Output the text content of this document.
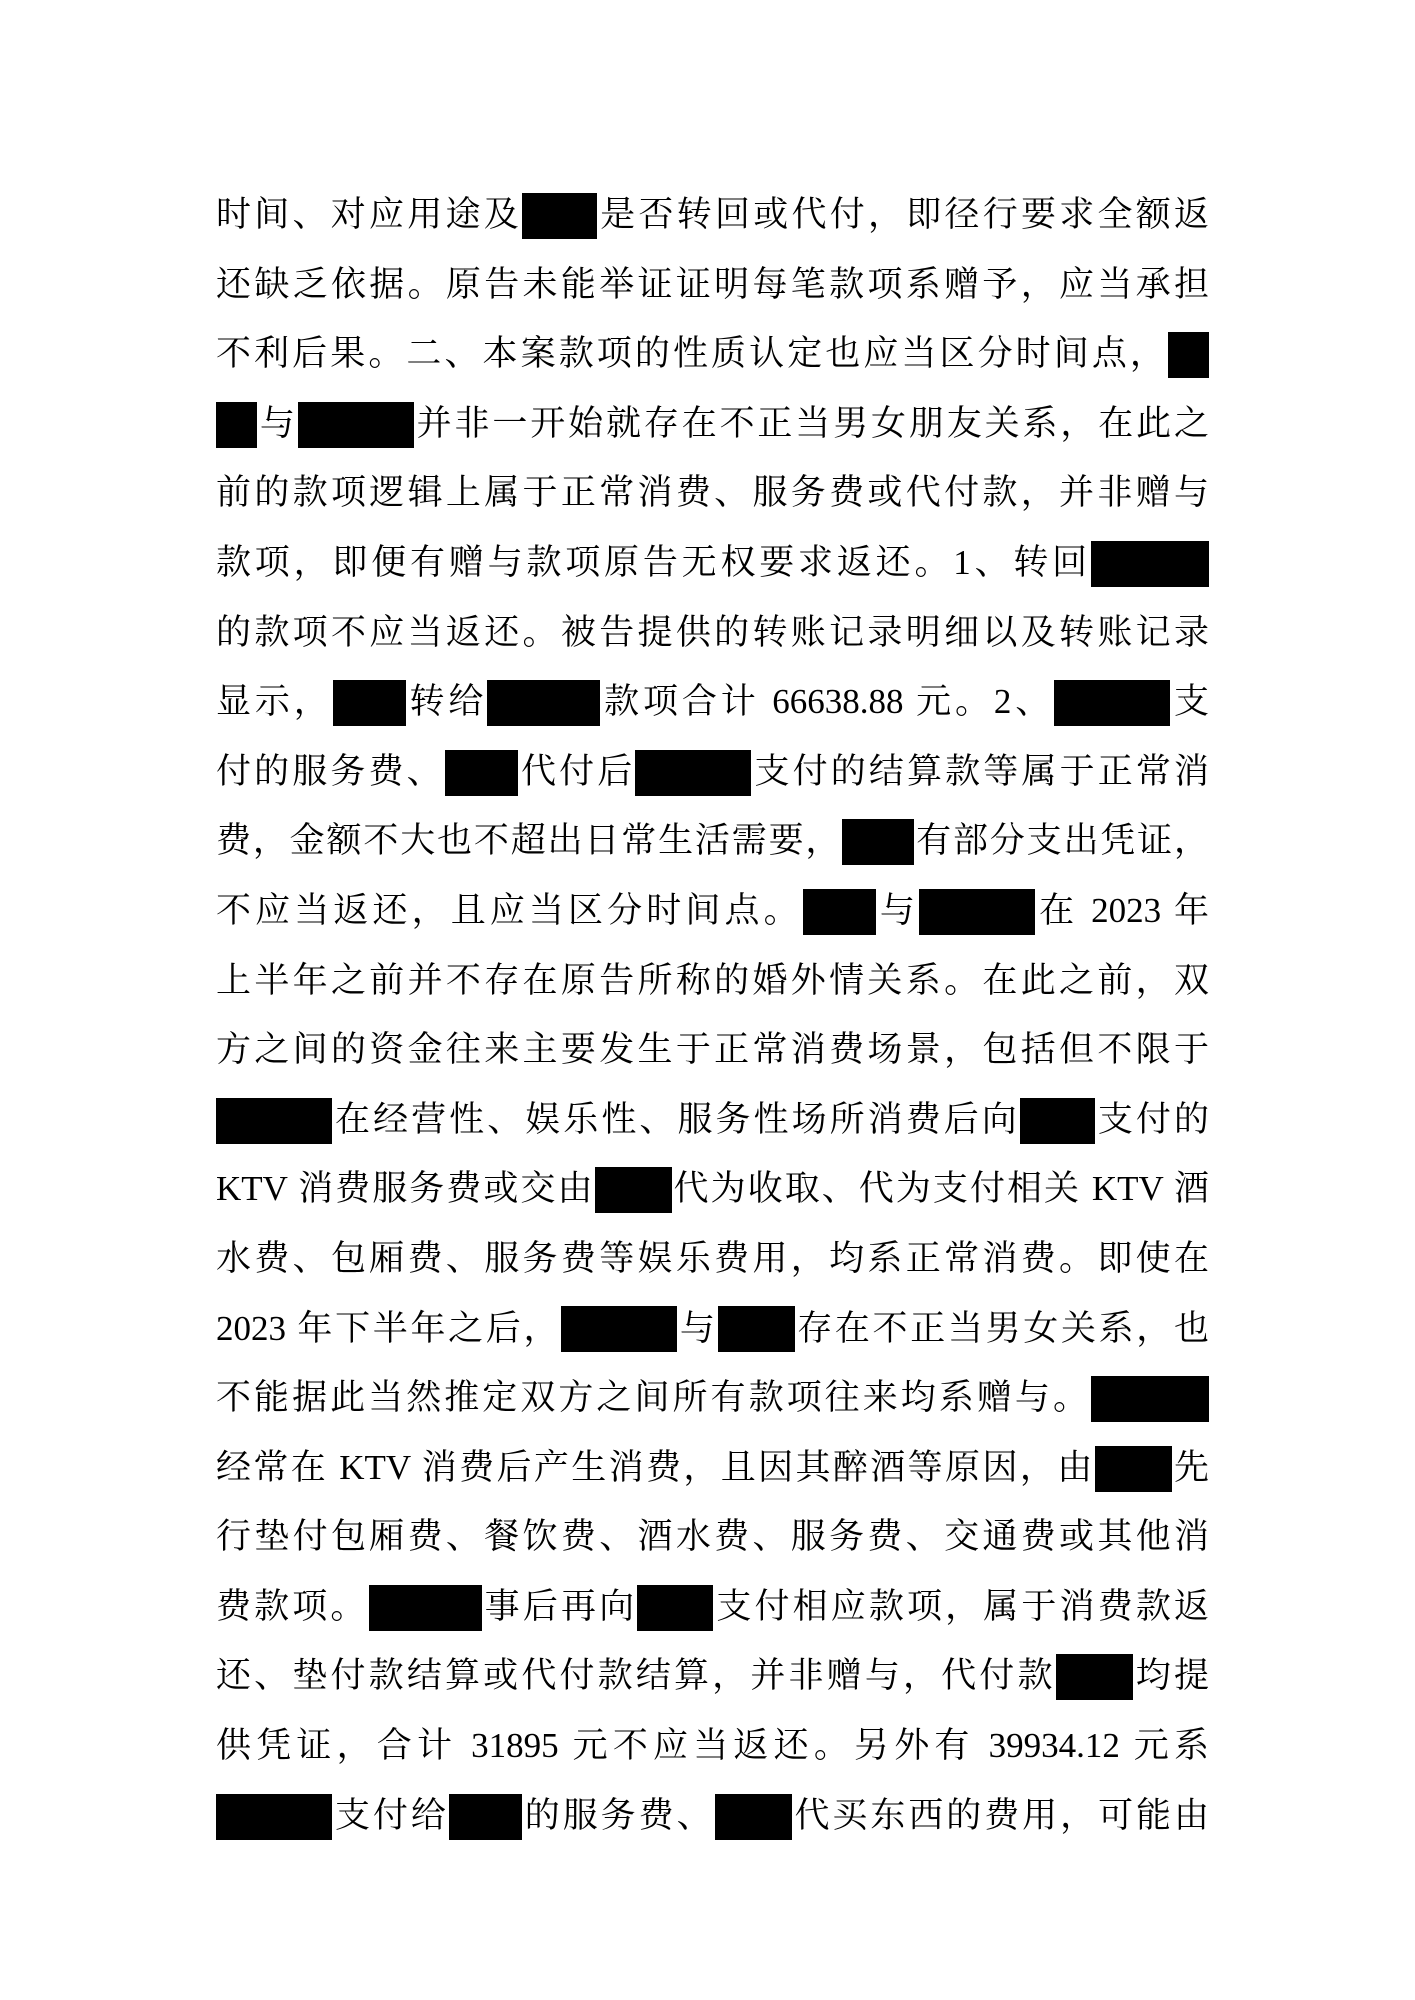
时间、对应用途及 是否转回或代付，即径行要求全额返
还缺乏依据。原告未能举证证明每笔款项系赠予，应当承担
不利后果。二、本案款项的性质认定也应当区分时间点，
与	并非一开始就存在不正当男女朋友关系，在此之
前的款项逻辑上属于正常消费、服务费或代付款，并非赠与
款项，即便有赠与款项原告无权要求返还。1、转回
的款项不应当返还。被告提供的转账记录明细以及转账记录
显示， 转给	款项合计 66638.88 元。2、	支
付的服务费、 代付后	支付的结算款等属于正常消
费，金额不大也不超出日常生活需要， 有部分支出凭证，
不应当返还，且应当区分时间点。 与	在 2023 年
上半年之前并不存在原告所称的婚外情关系。在此之前，双
方之间的资金往来主要发生于正常消费场景，包括但不限于
在经营性、娱乐性、服务性场所消费后向 支付的
KTV 消费服务费或交由 代为收取、代为支付相关 KTV 酒
水费、包厢费、服务费等娱乐费用，均系正常消费。即使在
2023 年下半年之后，	与 存在不正当男女关系，也
不能据此当然推定双方之间所有款项往来均系赠与。
经常在 KTV 消费后产生消费，且因其醉酒等原因，由 先
行垫付包厢费、餐饮费、酒水费、服务费、交通费或其他消
费款项。	事后再向 支付相应款项，属于消费款返
还、垫付款结算或代付款结算，并非赠与，代付款 均提
供凭证，合计 31895 元不应当返还。另外有 39934.12 元系
支付给 的服务费、 代买东西的费用，可能由
